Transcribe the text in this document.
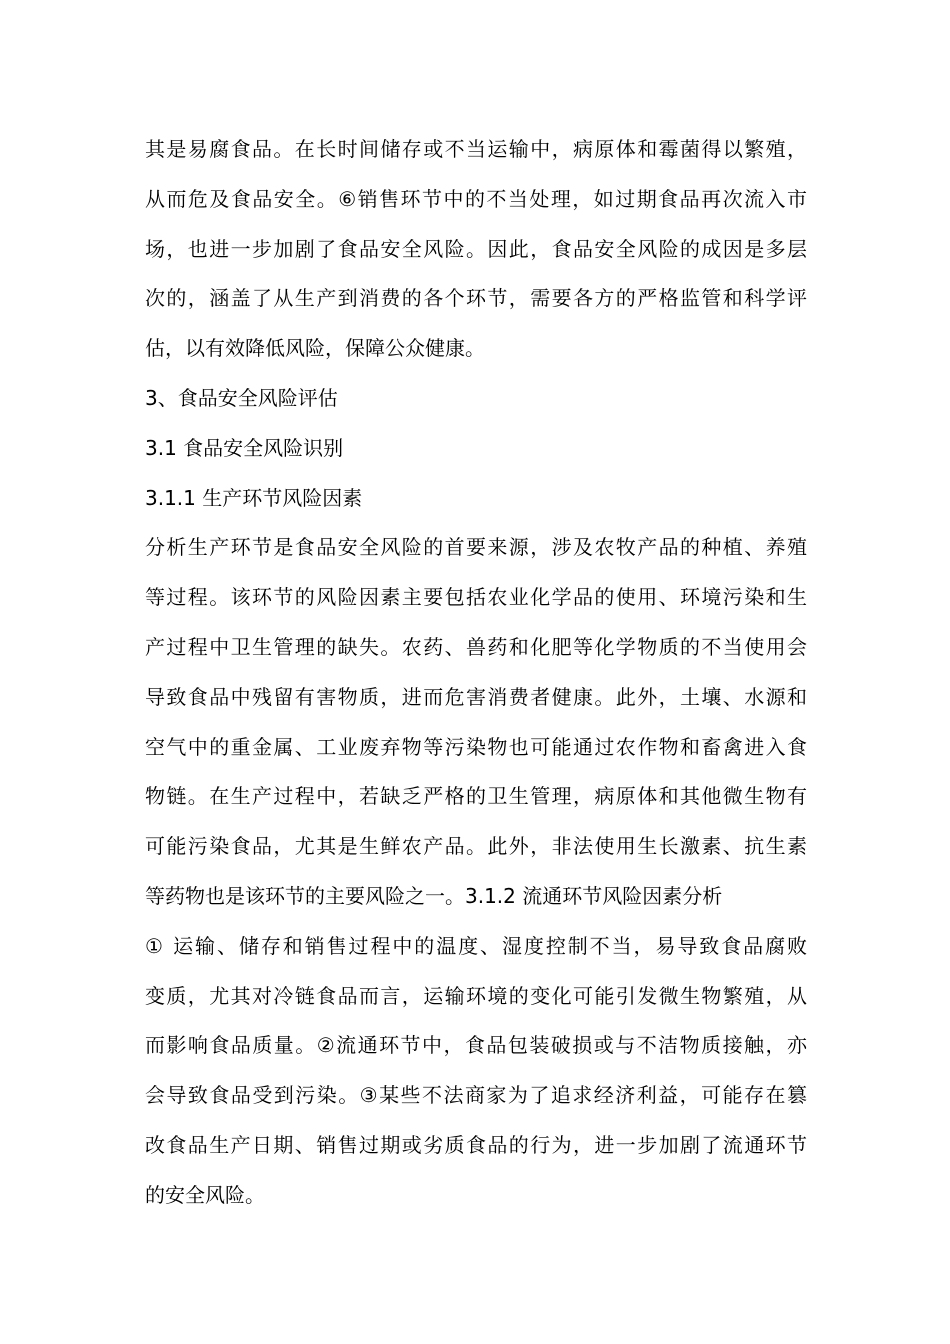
其是易腐食品。在长时间储存或不当运输中，病原体和霉菌得以繁殖，
从而危及食品安全。⑥销售环节中的不当处理，如过期食品再次流入市
场，也进一步加剧了食品安全风险。因此，食品安全风险的成因是多层
次的，涵盖了从生产到消费的各个环节，需要各方的严格监管和科学评
估，以有效降低风险，保障公众健康。
3、食品安全风险评估
3.1 食品安全风险识别
3.1.1 生产环节风险因素
分析生产环节是食品安全风险的首要来源，涉及农牧产品的种植、养殖
等过程。该环节的风险因素主要包括农业化学品的使用、环境污染和生
产过程中卫生管理的缺失。农药、兽药和化肥等化学物质的不当使用会
导致食品中残留有害物质，进而危害消费者健康。此外，土壤、水源和
空气中的重金属、工业废弃物等污染物也可能通过农作物和畜禽进入食
物链。在生产过程中，若缺乏严格的卫生管理，病原体和其他微生物有
可能污染食品，尤其是生鲜农产品。此外，非法使用生长激素、抗生素
等药物也是该环节的主要风险之一。3.1.2 流通环节风险因素分析
① 运输、储存和销售过程中的温度、湿度控制不当，易导致食品腐败
变质，尤其对冷链食品而言，运输环境的变化可能引发微生物繁殖，从
而影响食品质量。②流通环节中，食品包装破损或与不洁物质接触，亦
会导致食品受到污染。③某些不法商家为了追求经济利益，可能存在篡
改食品生产日期、销售过期或劣质食品的行为，进一步加剧了流通环节
的安全风险。
